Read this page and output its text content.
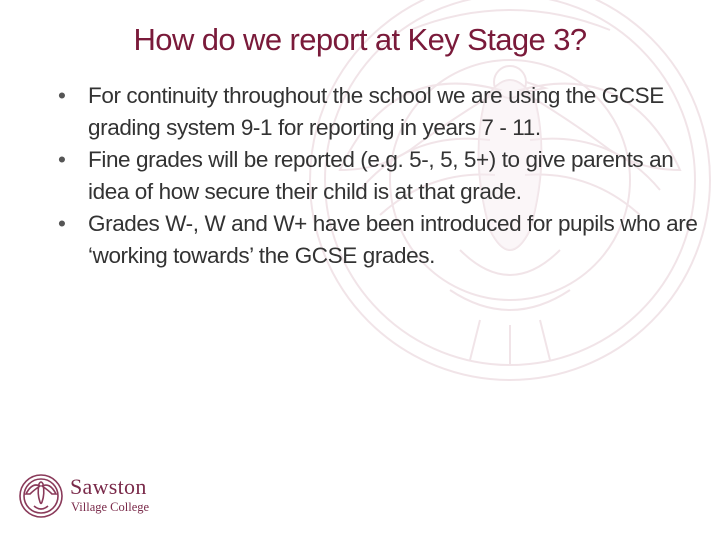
How do we report at Key Stage 3?
• For continuity throughout the school we are using the GCSE grading system 9-1 for reporting in years 7 - 11.
• Fine grades will be reported (e.g. 5-, 5, 5+) to give parents an idea of how secure their child is at that grade.
• Grades W-, W and W+ have been introduced for pupils who are ‘working towards’ the GCSE grades.
Sawston
Village College
